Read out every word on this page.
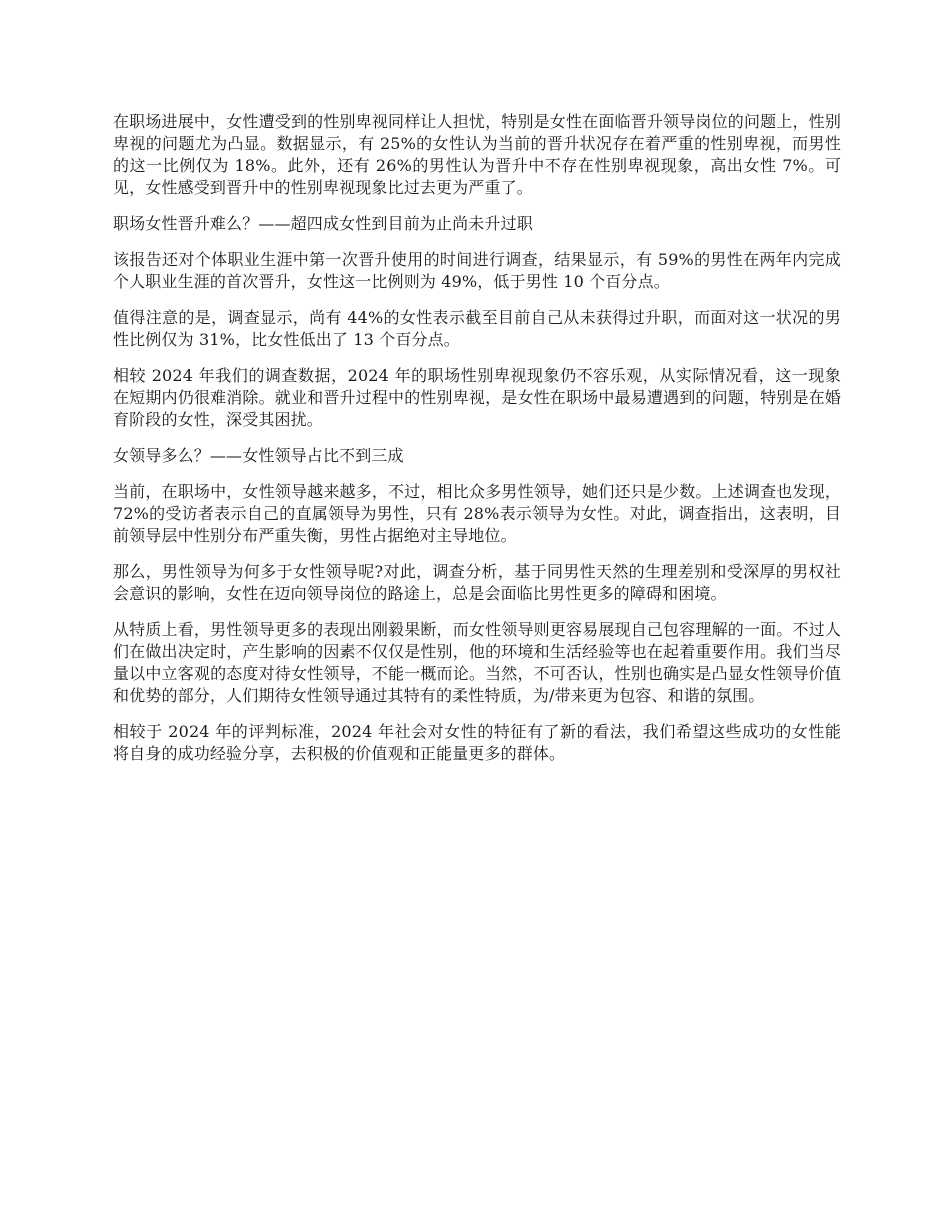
在职场进展中，女性遭受到的性别卑视同样让人担忧，特别是女性在面临晋升领导岗位的问题上，性别卑视的问题尤为凸显。数据显示，有 25%的女性认为当前的晋升状况存在着严重的性别卑视，而男性的这一比例仅为 18%。此外，还有 26%的男性认为晋升中不存在性别卑视现象，高出女性 7%。可见，女性感受到晋升中的性别卑视现象比过去更为严重了。

职场女性晋升难么？——超四成女性到目前为止尚未升过职

该报告还对个体职业生涯中第一次晋升使用的时间进行调查，结果显示，有 59%的男性在两年内完成个人职业生涯的首次晋升，女性这一比例则为 49%，低于男性 10 个百分点。

值得注意的是，调查显示，尚有 44%的女性表示截至目前自己从未获得过升职，而面对这一状况的男性比例仅为 31%，比女性低出了 13 个百分点。

相较 2024 年我们的调查数据，2024 年的职场性别卑视现象仍不容乐观，从实际情况看，这一现象在短期内仍很难消除。就业和晋升过程中的性别卑视，是女性在职场中最易遭遇到的问题，特别是在婚育阶段的女性，深受其困扰。

女领导多么？——女性领导占比不到三成

当前，在职场中，女性领导越来越多，不过，相比众多男性领导，她们还只是少数。上述调查也发现，72%的受访者表示自己的直属领导为男性，只有 28%表示领导为女性。对此，调查指出，这表明，目前领导层中性别分布严重失衡，男性占据绝对主导地位。

那么，男性领导为何多于女性领导呢?对此，调查分析，基于同男性天然的生理差别和受深厚的男权社会意识的影响，女性在迈向领导岗位的路途上，总是会面临比男性更多的障碍和困境。

从特质上看，男性领导更多的表现出刚毅果断，而女性领导则更容易展现自己包容理解的一面。不过人们在做出决定时，产生影响的因素不仅仅是性别，他的环境和生活经验等也在起着重要作用。我们当尽量以中立客观的态度对待女性领导，不能一概而论。当然，不可否认，性别也确实是凸显女性领导价值和优势的部分，人们期待女性领导通过其特有的柔性特质，为/带来更为包容、和谐的氛围。

相较于 2024 年的评判标准，2024 年社会对女性的特征有了新的看法，我们希望这些成功的女性能将自身的成功经验分享，去积极的价值观和正能量更多的群体。
